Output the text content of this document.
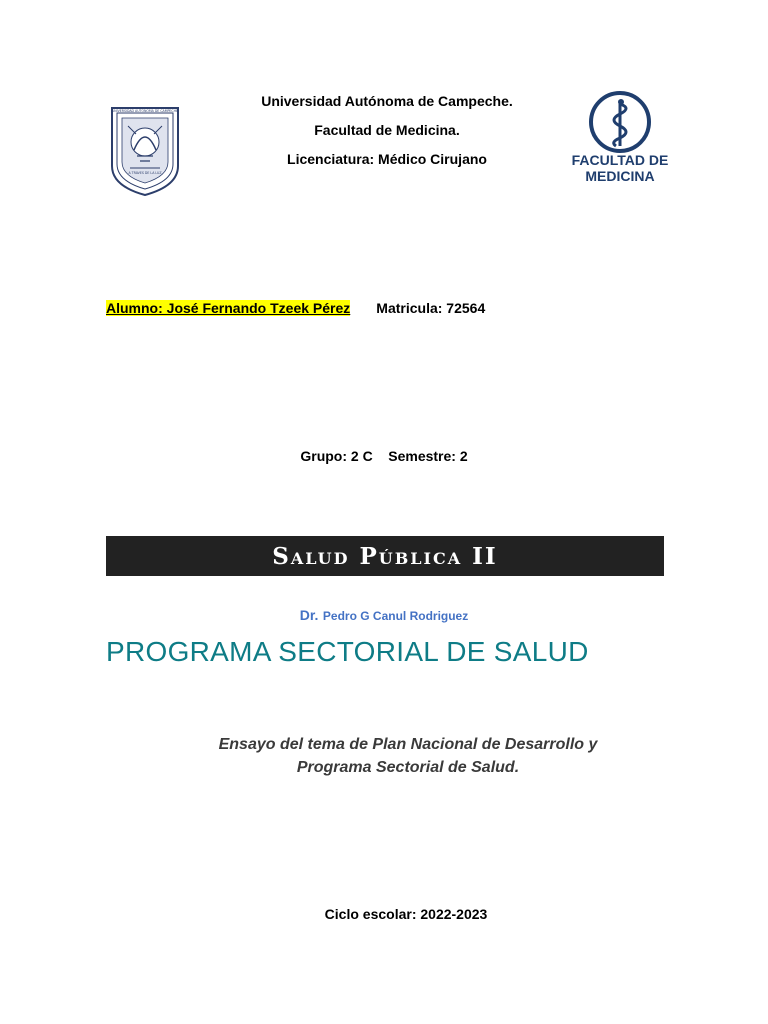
UNIVERSIDAD AUTONOMA DE CAMPECHE
A TRAVES DE LA LUZ
Universidad Autónoma de Campeche.
Facultad de Medicina.
Licenciatura: Médico Cirujano	FACULTAD DE
MEDICINA
Alumno: José Fernando Tzeek Pérez Matricula: 72564
Grupo: 2 C    Semestre: 2
Salud Pública II
Dr. Pedro G Canul Rodriguez
PROGRAMA SECTORIAL DE SALUD
Ensayo del tema de Plan Nacional de Desarrollo y
Programa Sectorial de Salud.
Ciclo escolar: 2022-2023
